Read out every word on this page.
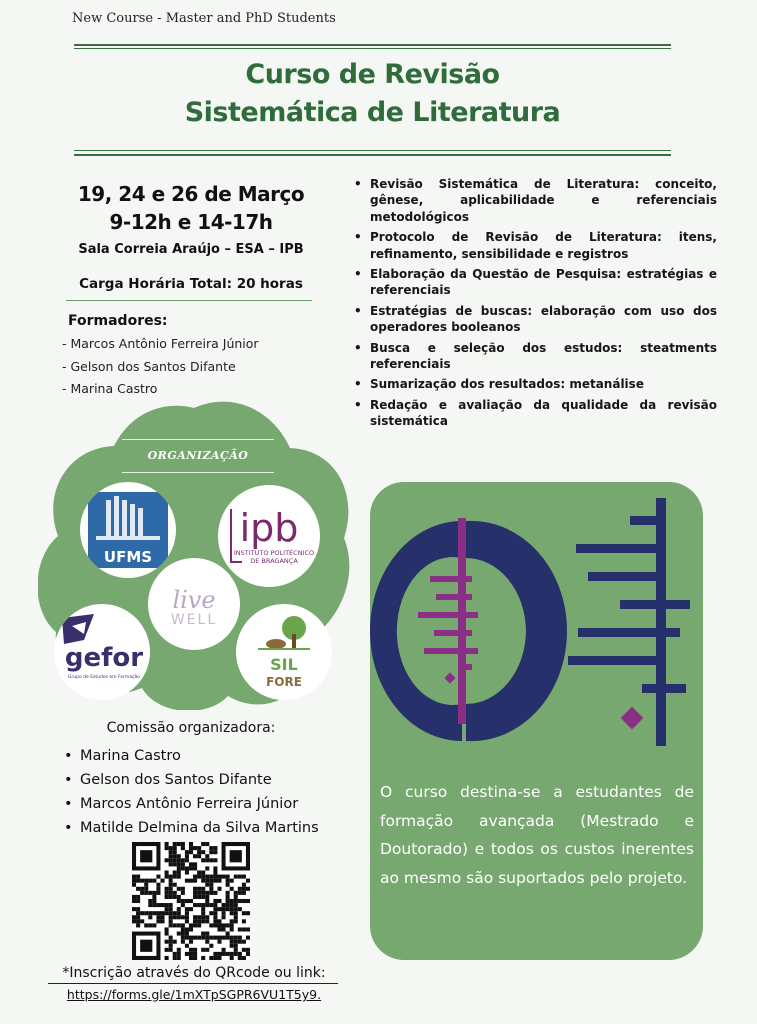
New Course - Master and PhD Students
Curso de Revisão
Sistemática de Literatura
19, 24 e 26 de Março
9-12h e 14-17h
Sala Correia Araújo – ESA – IPB
Carga Horária Total: 20 horas
Formadores:
- Marcos Antônio Ferreira Júnior
- Gelson dos Santos Difante
- Marina Castro
• Revisão Sistemática de Literatura: conceito, gênese, aplicabilidade e referenciais metodológicos
• Protocolo de Revisão de Literatura: itens, refinamento, sensibilidade e registros
• Elaboração da Questão de Pesquisa: estratégias e referenciais
• Estratégias de buscas: elaboração com uso dos operadores booleanos
• Busca e seleção dos estudos: steatments referenciais
• Sumarização dos resultados: metanálise
• Redação e avaliação da qualidade da revisão sistemática
ORGANIZAÇÃO
UFMS
ipb
INSTITUTO POLITÉCNICO
DE BRAGANÇA
live
WELL
gefor
Grupo de Estudos em Formação
SIL
FORE
O curso destina-se a estudantes de formação avançada (Mestrado e Doutorado) e todos os custos inerentes ao mesmo são suportados pelo projeto.
Comissão organizadora:
• Marina Castro
• Gelson dos Santos Difante
• Marcos Antônio Ferreira Júnior
• Matilde Delmina da Silva Martins
*Inscrição através do QRcode ou link:
https://forms.gle/1mXTpSGPR6VU1T5y9.
